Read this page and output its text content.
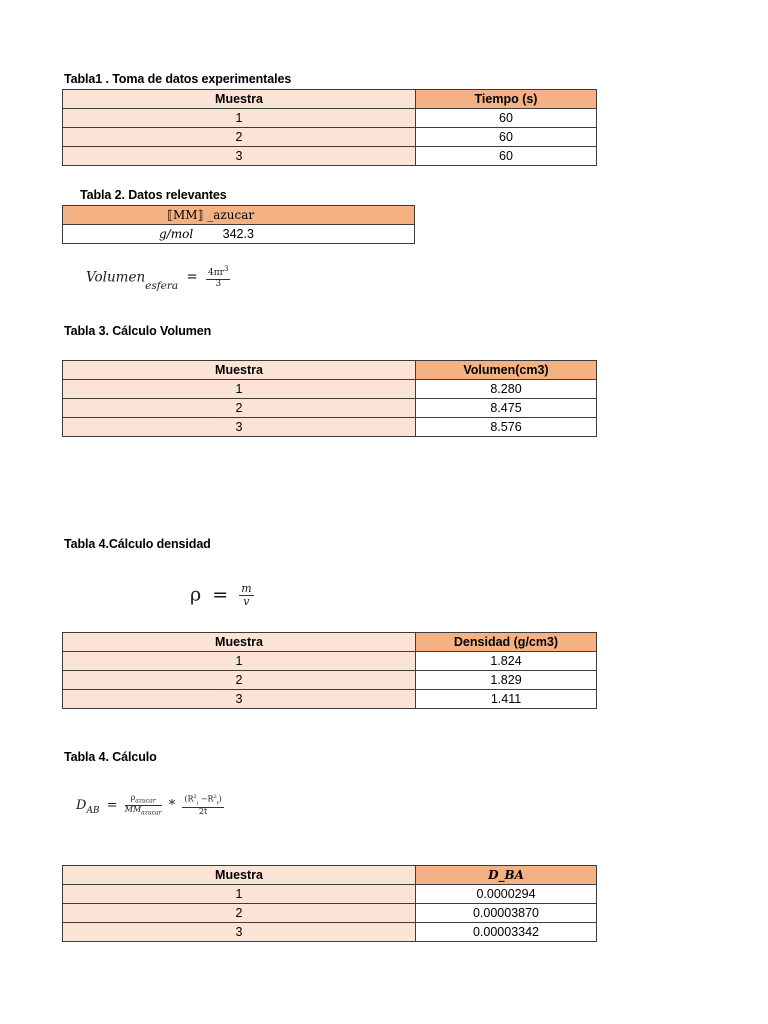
Tabla1 . Toma de datos experimentales
Muestra	Tiempo (s)
1	60
2	60
3	60
Tabla 2. Datos relevantes
⟦MM⟧ _azucar
g/mol 342.3
Volumen$_{esfera}$ = $\frac{4\pi r^3}{3}$
Tabla 3. Cálculo Volumen
Muestra	Volumen(cm3)
1	8.280
2	8.475
3	8.576
Tabla 4.Cálculo densidad
$\rho = \frac{m}{v}$
Muestra	Densidad (g/cm3)
1	1.824
2	1.829
3	1.411
Tabla 4. Cálculo
$D_{AB} = \frac{\rho_{azucar}}{MM_{azucar}} * \frac{(R^2_i -R^2_f)}{2t}$
Muestra	D_BA
1	0.0000294
2	0.00003870
3	0.00003342
